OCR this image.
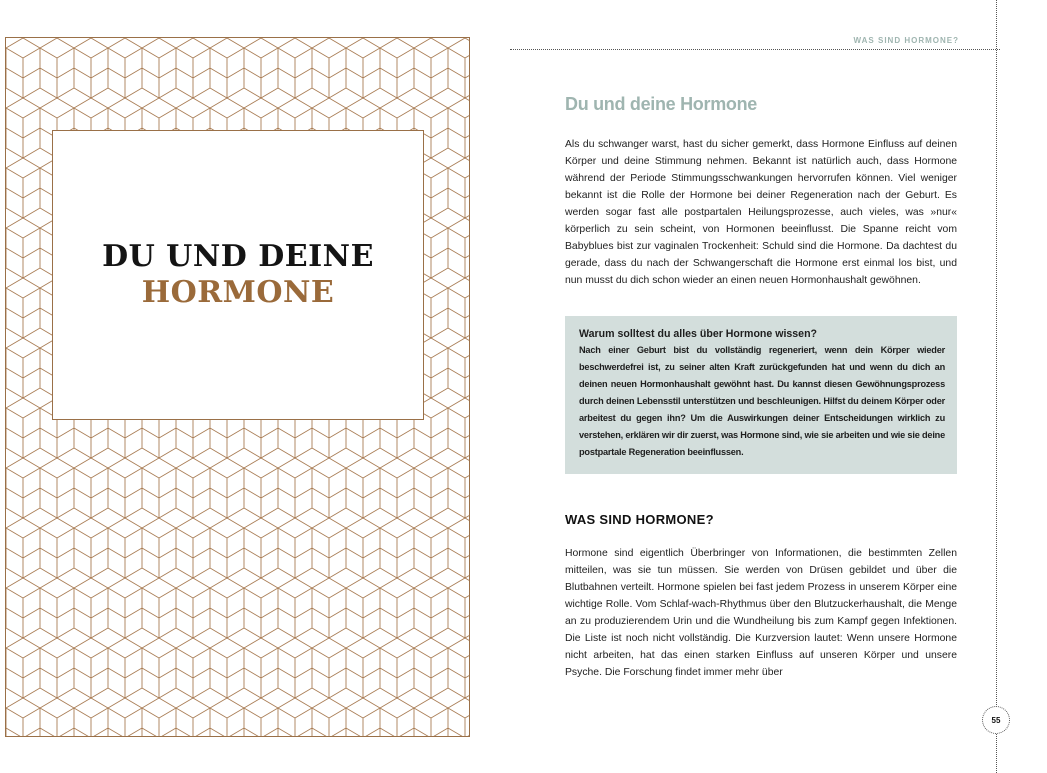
DU UND DEINE
HORMONE
WAS SIND HORMONE?
Du und deine Hormone

Als du schwanger warst, hast du sicher gemerkt, dass Hormone Einfluss auf deinen Körper und deine Stimmung nehmen. Bekannt ist natürlich auch, dass Hormone während der Periode Stimmungsschwankungen hervorrufen können. Viel weniger bekannt ist die Rolle der Hormone bei deiner Regeneration nach der Geburt. Es werden sogar fast alle postpartalen Heilungsprozesse, auch vieles, was »nur« körperlich zu sein scheint, von Hormonen beeinflusst. Die Spanne reicht vom Babyblues bist zur vaginalen Trockenheit: Schuld sind die Hormone. Da dachtest du gerade, dass du nach der Schwangerschaft die Hormone erst einmal los bist, und nun musst du dich schon wieder an einen neuen Hormonhaushalt gewöhnen.

Warum solltest du alles über Hormone wissen?

Nach einer Geburt bist du vollständig regeneriert, wenn dein Körper wieder beschwerdefrei ist, zu seiner alten Kraft zurückgefunden hat und wenn du dich an deinen neuen Hormonhaushalt gewöhnt hast. Du kannst diesen Gewöhnungsprozess durch deinen Lebensstil unterstützen und beschleunigen. Hilfst du deinem Körper oder arbeitest du gegen ihn? Um die Auswirkungen deiner Entscheidungen wirklich zu verstehen, erklären wir dir zuerst, was Hormone sind, wie sie arbeiten und wie sie deine postpartale Regeneration beeinflussen.

WAS SIND HORMONE?

Hormone sind eigentlich Überbringer von Informationen, die bestimmten Zellen mitteilen, was sie tun müssen. Sie werden von Drüsen gebildet und über die Blutbahnen verteilt. Hormone spielen bei fast jedem Prozess in unserem Körper eine wichtige Rolle. Vom Schlaf-wach-Rhythmus über den Blutzuckerhaushalt, die Menge an zu produzierendem Urin und die Wundheilung bis zum Kampf gegen Infektionen. Die Liste ist noch nicht vollständig. Die Kurzversion lautet: Wenn unsere Hormone nicht arbeiten, hat das einen starken Einfluss auf unseren Körper und unsere Psyche. Die Forschung findet immer mehr über

55
